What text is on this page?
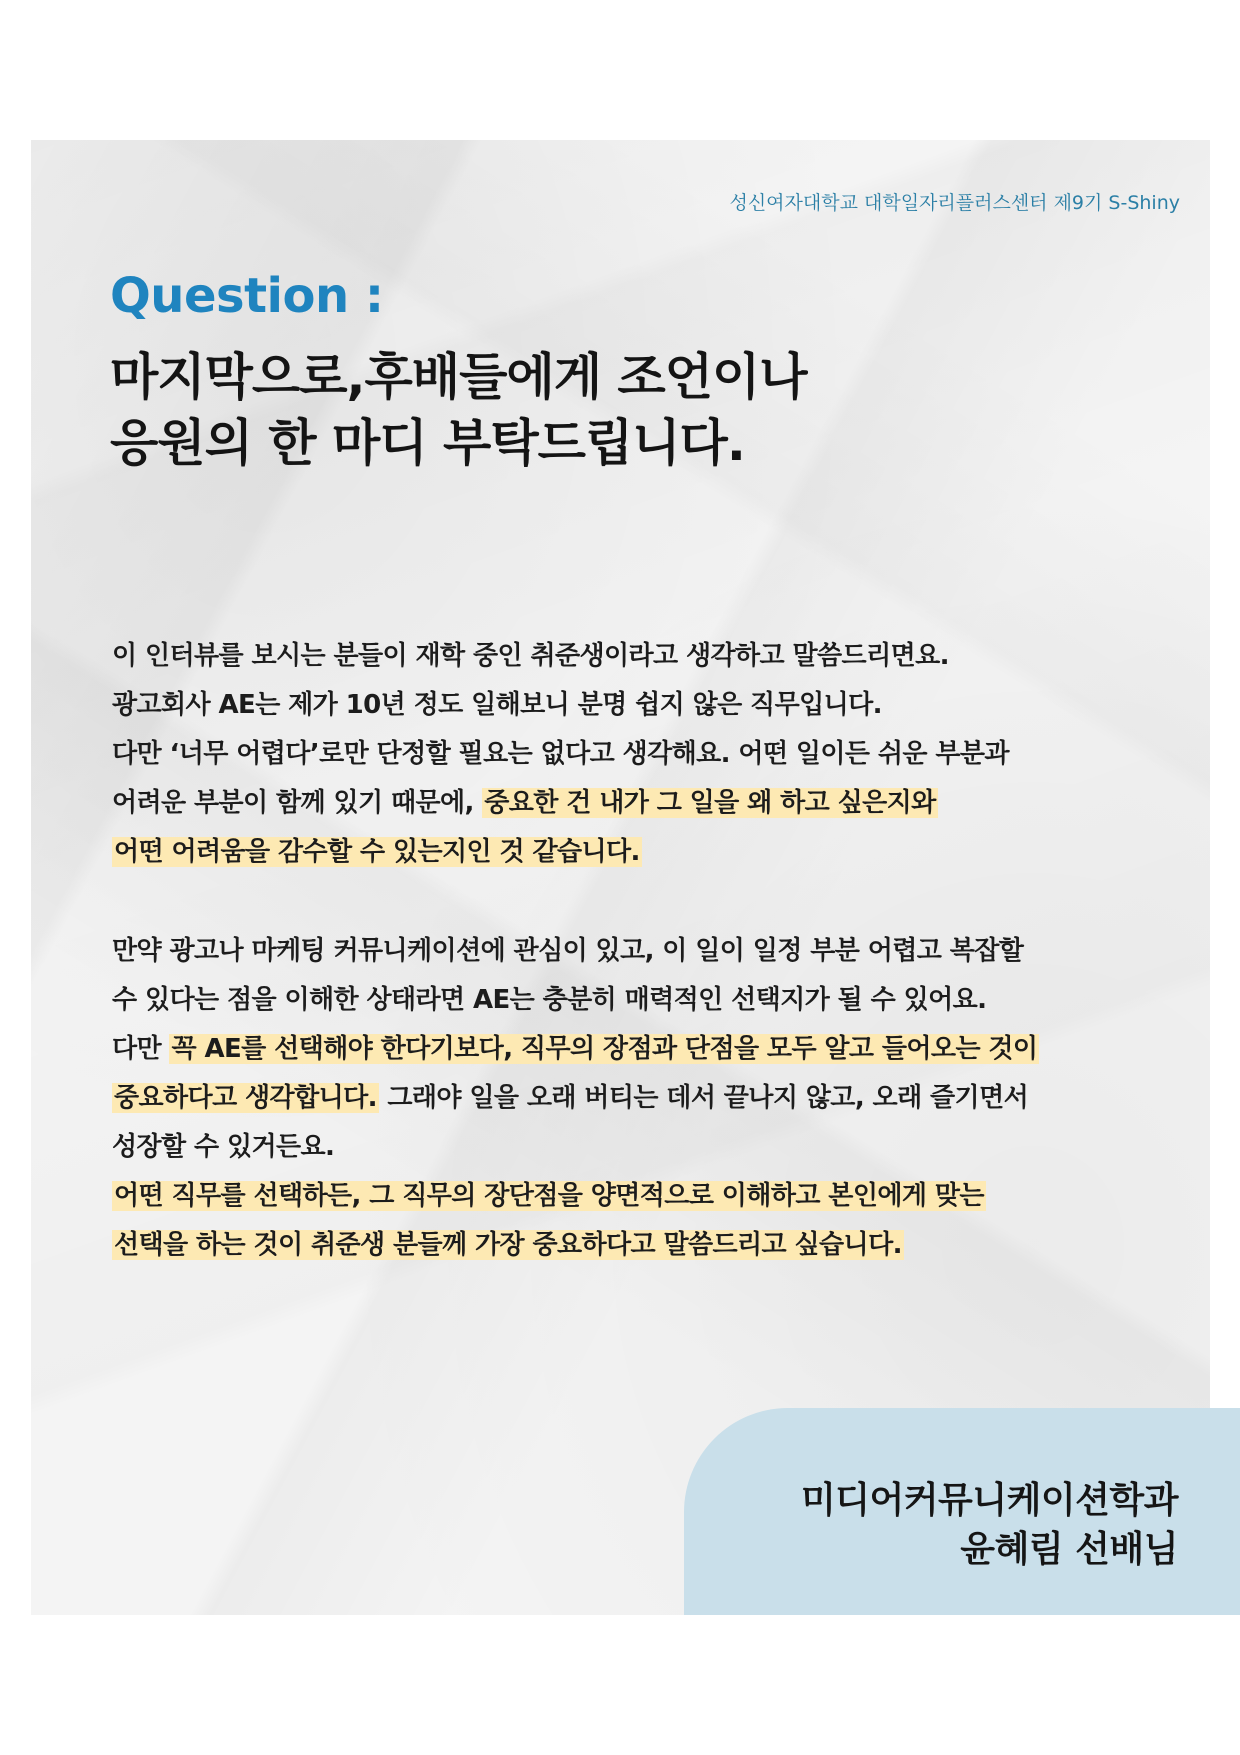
성신여자대학교 대학일자리플러스센터 제9기 S-Shiny
Question :
마지막으로,후배들에게 조언이나
응원의 한 마디 부탁드립니다.
이 인터뷰를 보시는 분들이 재학 중인 취준생이라고 생각하고 말씀드리면요.
광고회사 AE는 제가 10년 정도 일해보니 분명 쉽지 않은 직무입니다.
다만 ‘너무 어렵다’로만 단정할 필요는 없다고 생각해요. 어떤 일이든 쉬운 부분과
어려운 부분이 함께 있기 때문에, 중요한 건 내가 그 일을 왜 하고 싶은지와
어떤 어려움을 감수할 수 있는지인 것 같습니다.
만약 광고나 마케팅 커뮤니케이션에 관심이 있고, 이 일이 일정 부분 어렵고 복잡할
수 있다는 점을 이해한 상태라면 AE는 충분히 매력적인 선택지가 될 수 있어요.
다만 꼭 AE를 선택해야 한다기보다, 직무의 장점과 단점을 모두 알고 들어오는 것이
중요하다고 생각합니다. 그래야 일을 오래 버티는 데서 끝나지 않고, 오래 즐기면서
성장할 수 있거든요.
어떤 직무를 선택하든, 그 직무의 장단점을 양면적으로 이해하고 본인에게 맞는
선택을 하는 것이 취준생 분들께 가장 중요하다고 말씀드리고 싶습니다.
미디어커뮤니케이션학과
윤혜림 선배님
